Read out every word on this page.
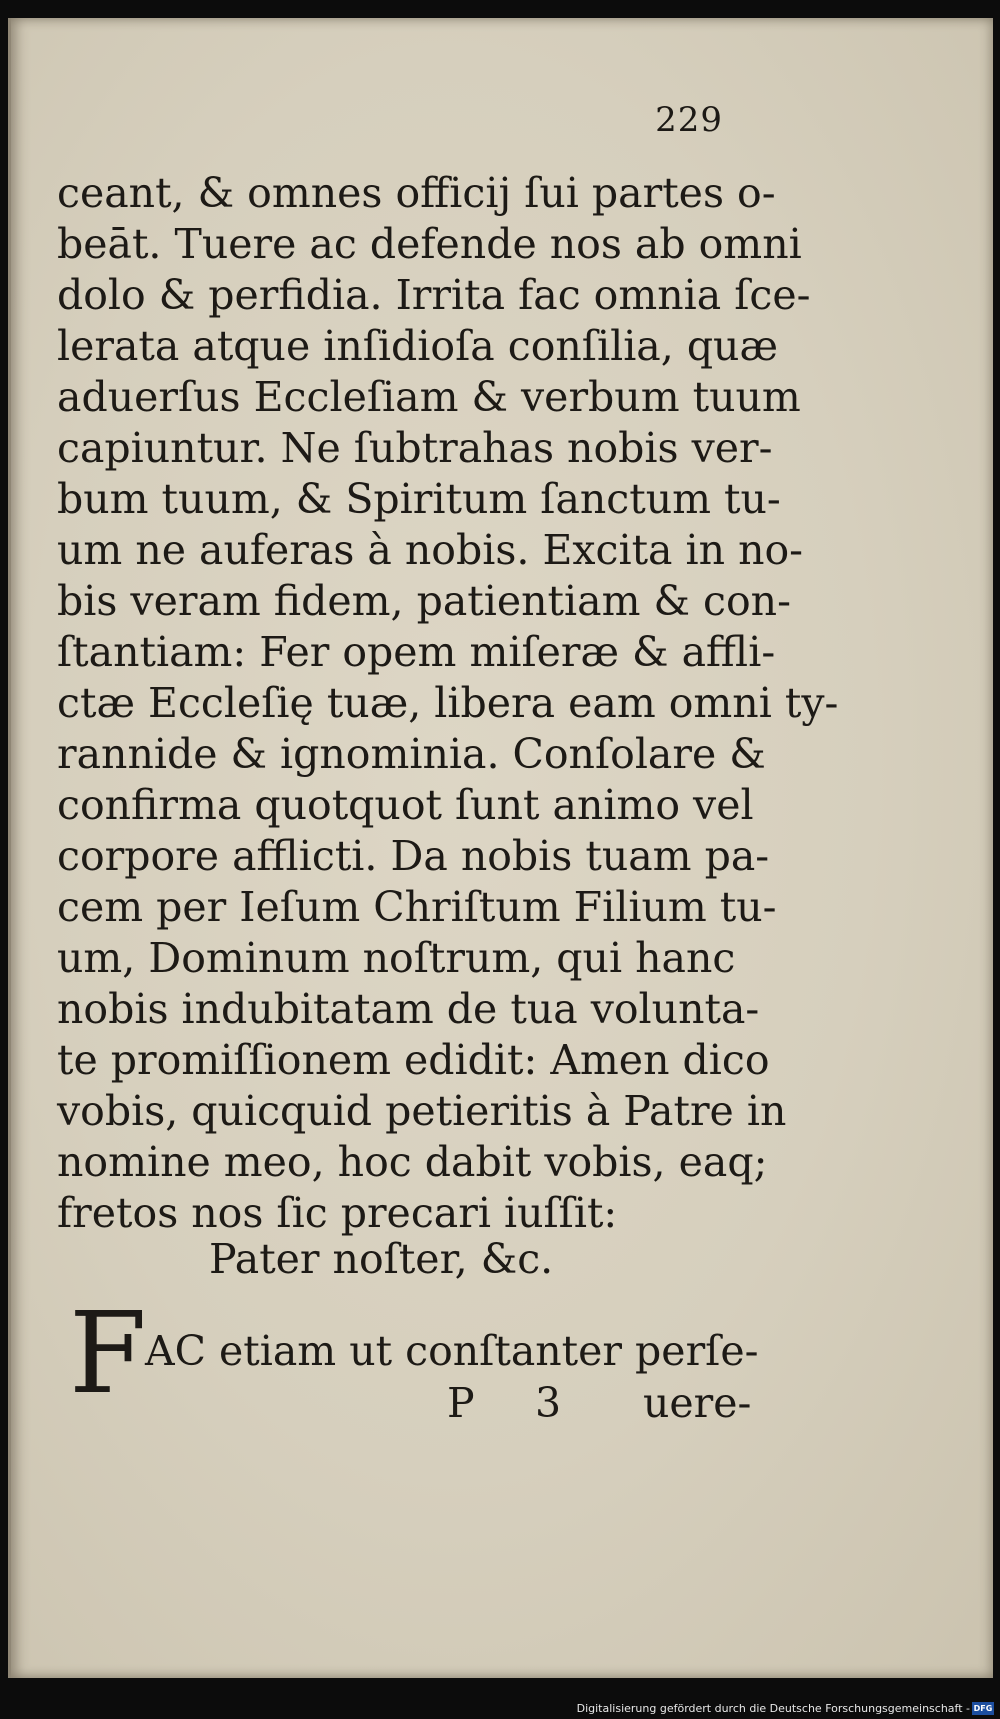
229
ceant, & omnes officij ſui partes o-
beāt. Tuere ac defende nos ab omni
dolo & perfidia. Irrita fac omnia ſce-
lerata atque inſidioſa conſilia, quæ
aduerſus Eccleſiam & verbum tuum
capiuntur. Ne ſubtrahas nobis ver-
bum tuum, & Spiritum ſanctum tu-
um ne auferas à nobis. Excita in no-
bis veram fidem, patientiam & con-
ſtantiam: Fer opem miſeræ & affli-
ctæ Eccleſię tuæ, libera eam omni ty-
rannide & ignominia. Conſolare &
confirma quotquot ſunt animo vel
corpore afflicti. Da nobis tuam pa-
cem per Ieſum Chriſtum Filium tu-
um, Dominum noſtrum, qui hanc
nobis indubitatam de tua volunta-
te promiſſionem edidit: Amen dico
vobis, quicquid petieritis à Patre in
nomine meo, hoc dabit vobis, eaq;
fretos nos ſic precari iuſſit:
Pater noſter, &c.
F
AC etiam ut conſtanter perſe-
P 3 uere-
Digitalisierung gefördert durch die Deutsche Forschungsgemeinschaft - DFG
